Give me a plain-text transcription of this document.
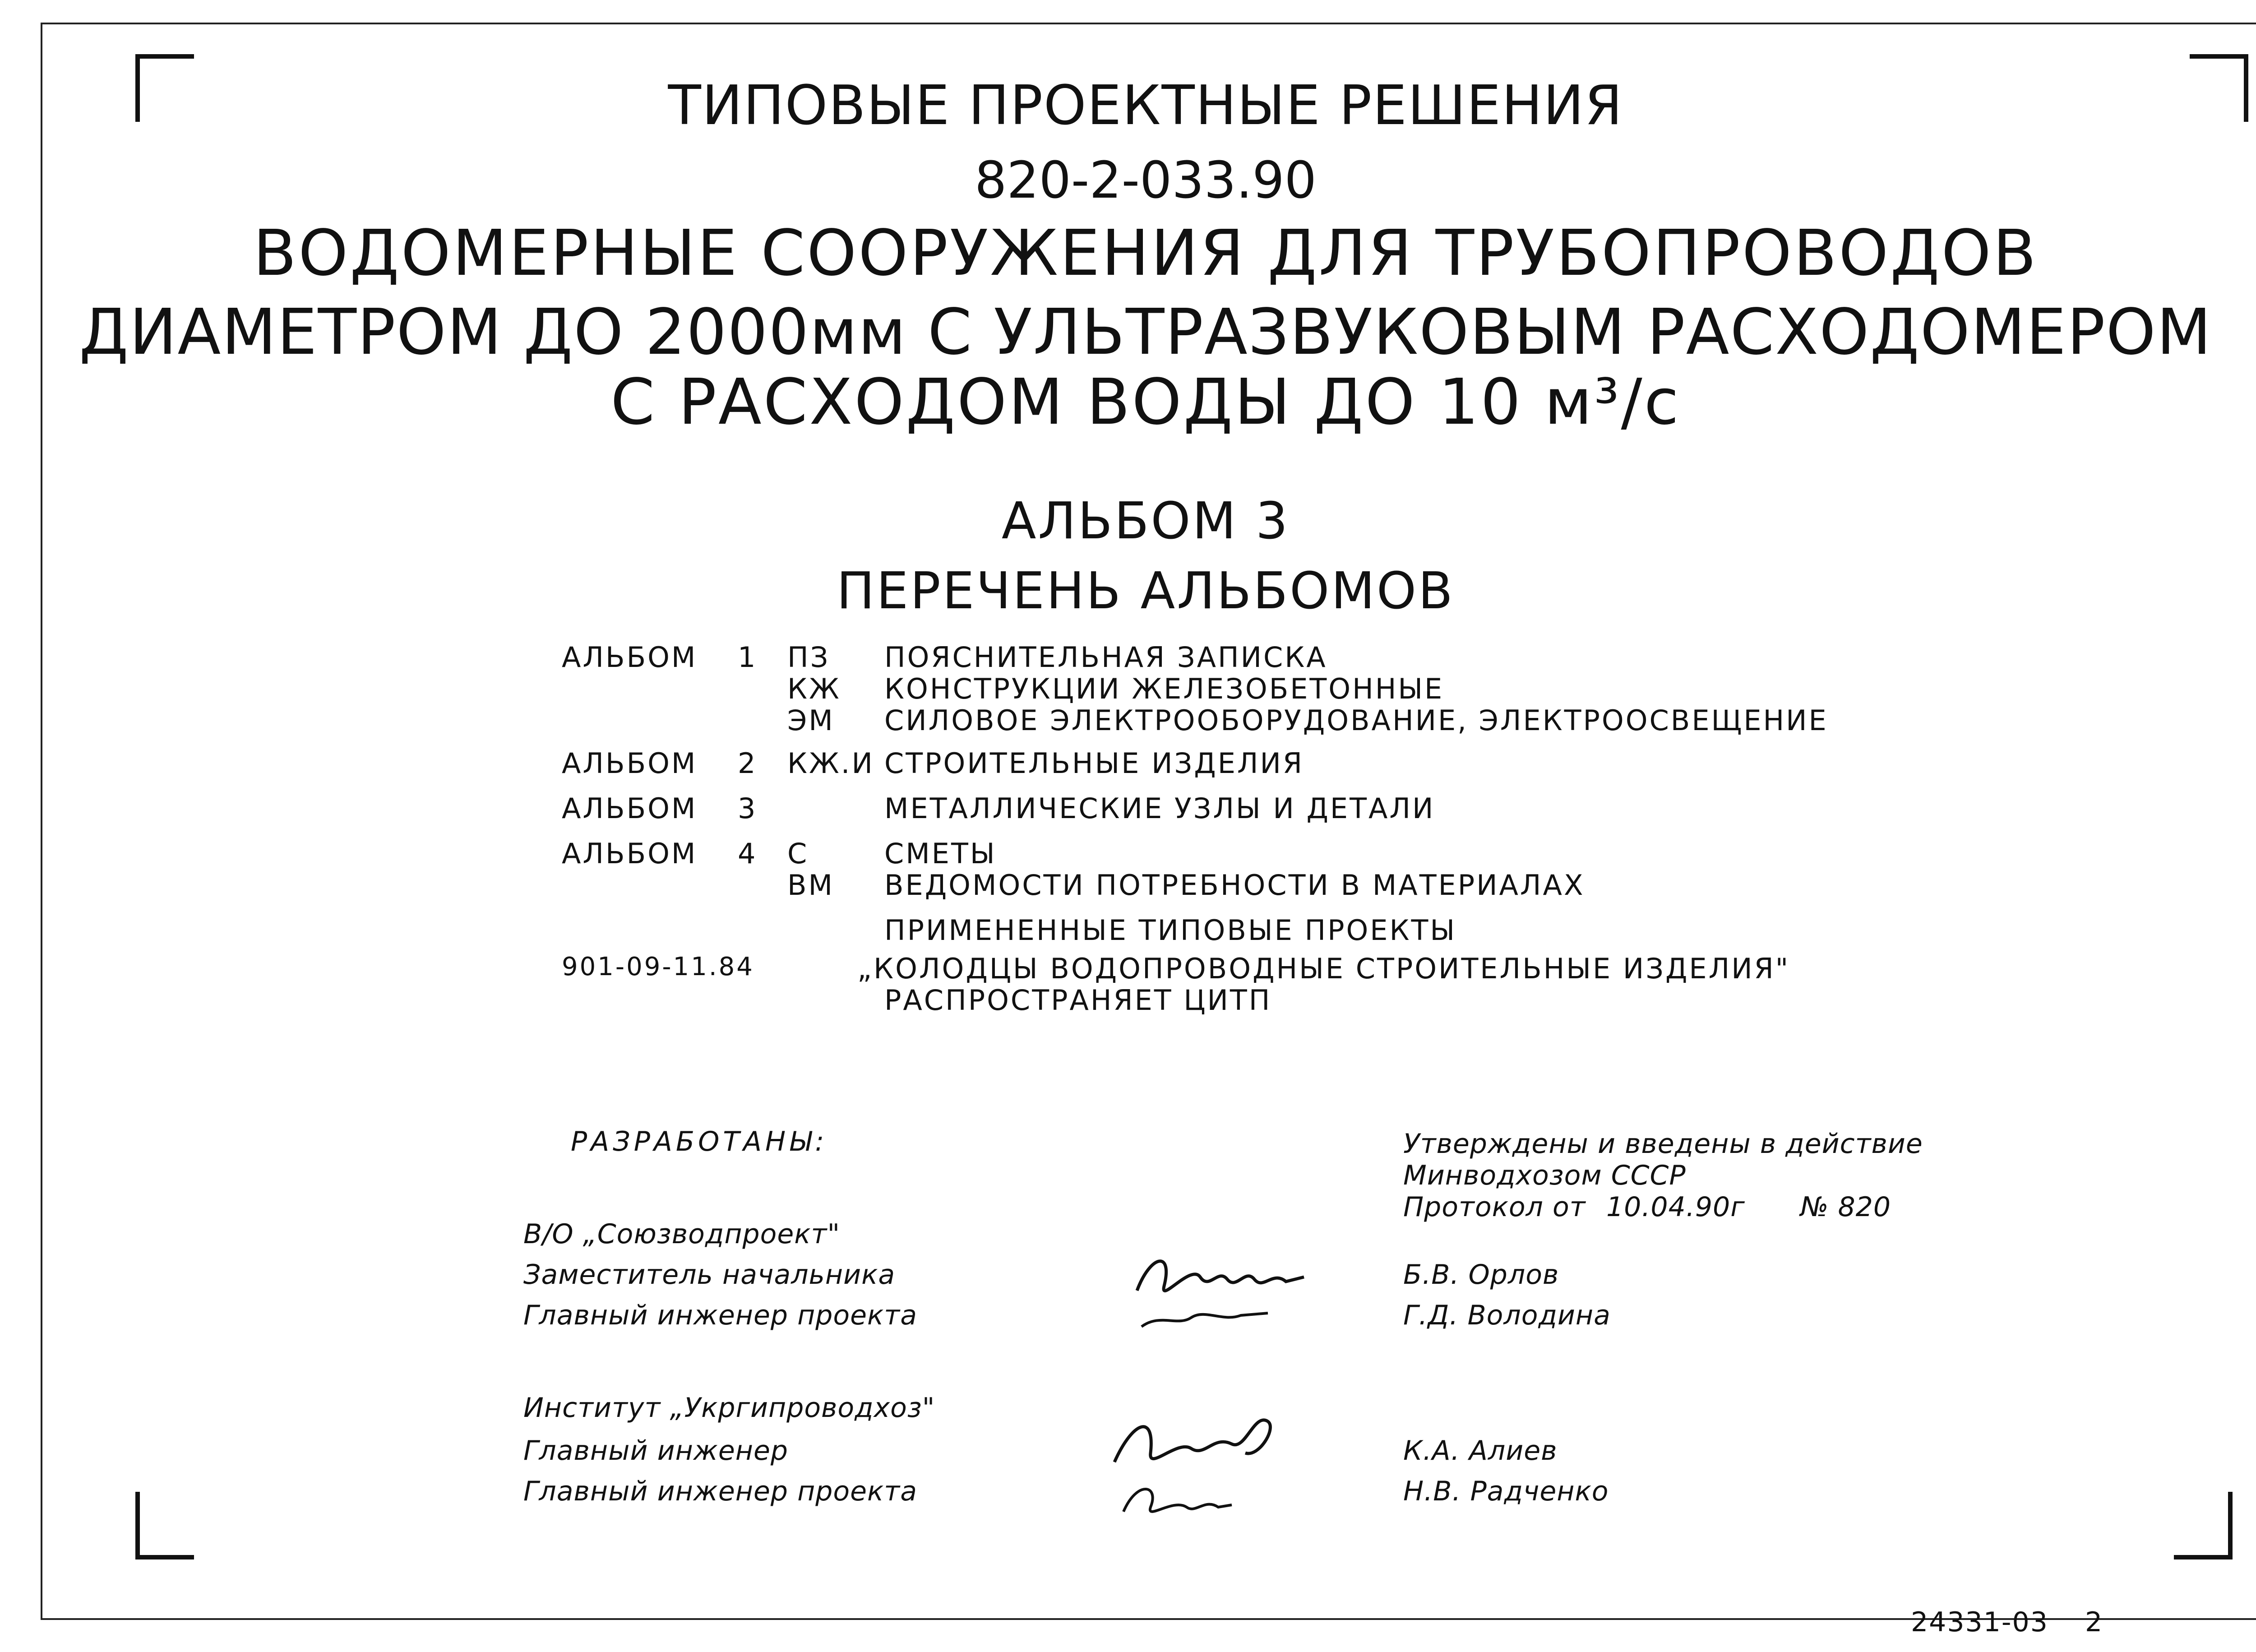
ТИПОВЫЕ ПРОЕКТНЫЕ РЕШЕНИЯ
820-2-033.90
ВОДОМЕРНЫЕ СООРУЖЕНИЯ ДЛЯ ТРУБОПРОВОДОВ
ДИАМЕТРОМ ДО 2000мм С УЛЬТРАЗВУКОВЫМ РАСХОДОМЕРОМ
С РАСХОДОМ ВОДЫ ДО 10 м³/с
АЛЬБОМ 3
ПЕРЕЧЕНЬ АЛЬБОМОВ
АЛЬБОМ 1 ПЗ ПОЯСНИТЕЛЬНАЯ ЗАПИСКА
КЖ КОНСТРУКЦИИ ЖЕЛЕЗОБЕТОННЫЕ
ЭМ СИЛОВОЕ ЭЛЕКТРООБОРУДОВАНИЕ, ЭЛЕКТРООСВЕЩЕНИЕ
АЛЬБОМ 2 КЖ.И СТРОИТЕЛЬНЫЕ ИЗДЕЛИЯ
АЛЬБОМ 3	МЕТАЛЛИЧЕСКИЕ УЗЛЫ И ДЕТАЛИ
АЛЬБОМ 4 С	СМЕТЫ
ВМ ВЕДОМОСТИ ПОТРЕБНОСТИ В МАТЕРИАЛАХ
ПРИМЕНЕННЫЕ ТИПОВЫЕ ПРОЕКТЫ
901-09-11.84	„КОЛОДЦЫ ВОДОПРОВОДНЫЕ СТРОИТЕЛЬНЫЕ ИЗДЕЛИЯ"
РАСПРОСТРАНЯЕТ ЦИТП
РАЗРАБОТАНЫ:
В/О „Союзводпроект"
Заместитель начальника
Главный инженер проекта
Б.В. Орлов
Г.Д. Володина
Институт „Укргипроводхоз"
Главный инженер
Главный инженер проекта
К.А. Алиев
Н.В. Радченко
Утверждены и введены в действие
Минводхозом СССР
Протокол от 10.04.90г № 820
24331-03 2
